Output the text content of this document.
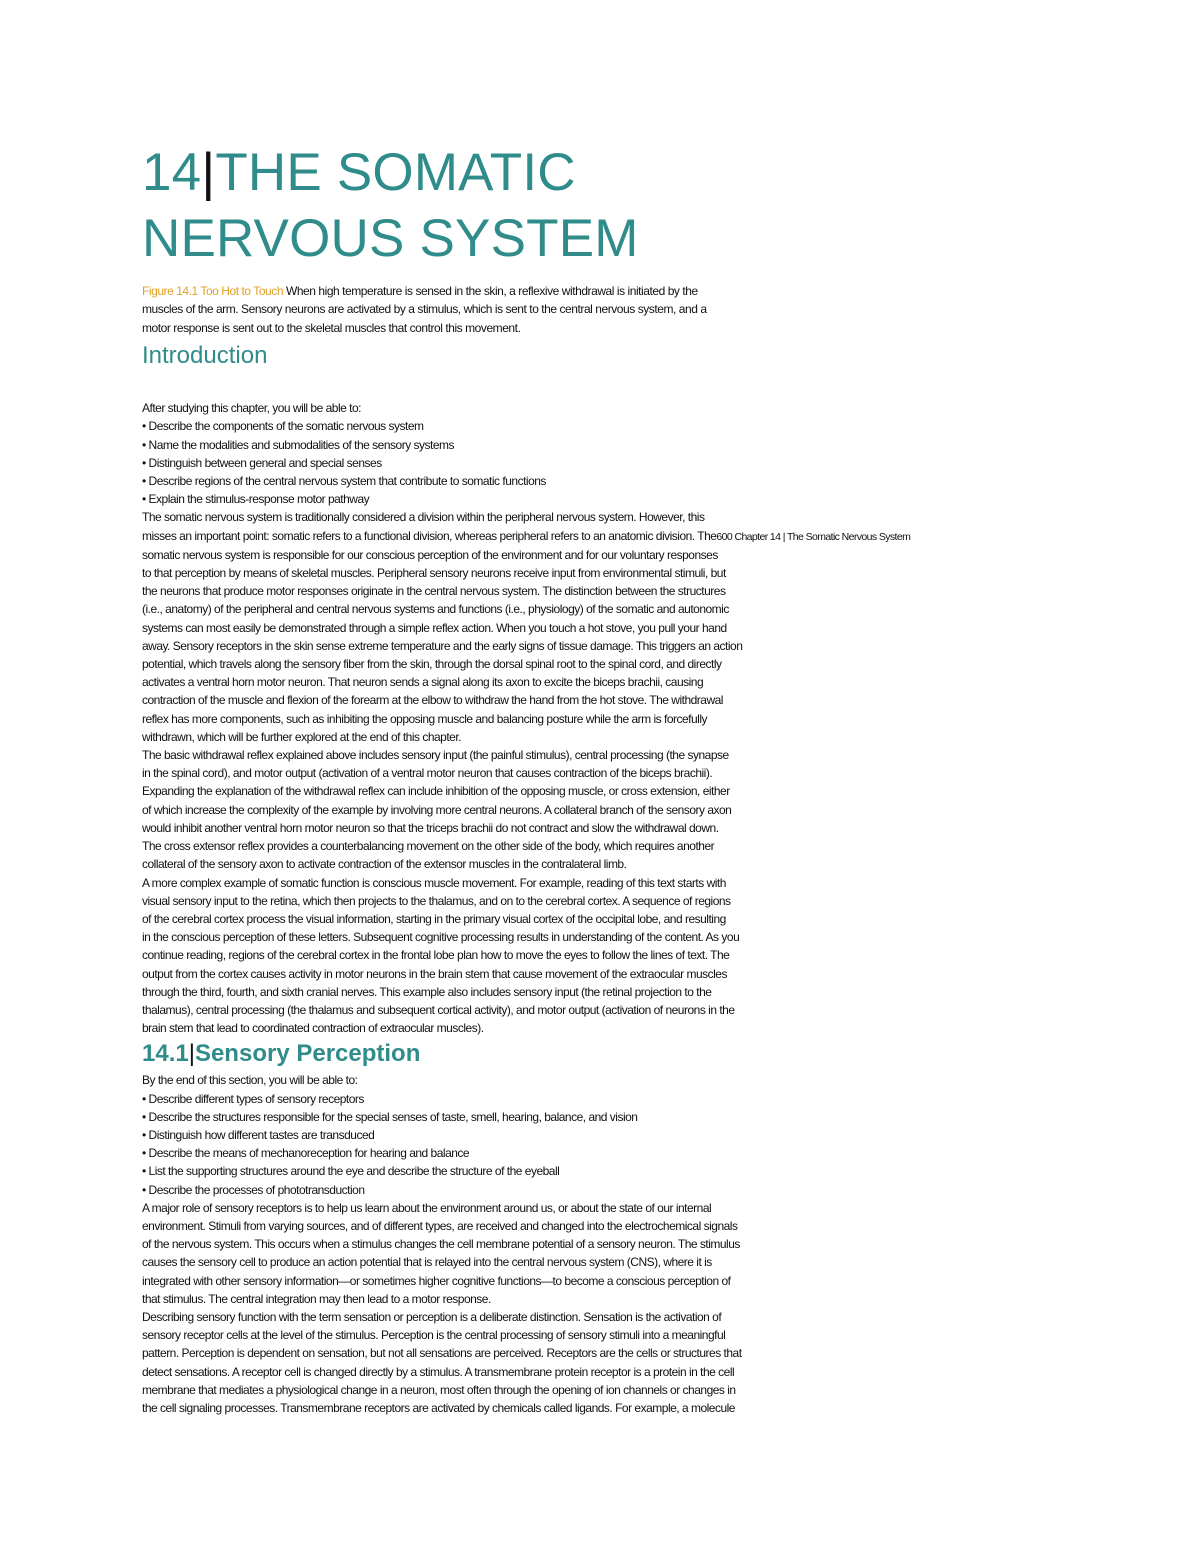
14|THE SOMATIC
NERVOUS SYSTEM
Figure 14.1 Too Hot to Touch When high temperature is sensed in the skin, a reflexive withdrawal is initiated by the
muscles of the arm. Sensory neurons are activated by a stimulus, which is sent to the central nervous system, and a
motor response is sent out to the skeletal muscles that control this movement.
Introduction
After studying this chapter, you will be able to:
• Describe the components of the somatic nervous system
• Name the modalities and submodalities of the sensory systems
• Distinguish between general and special senses
• Describe regions of the central nervous system that contribute to somatic functions
• Explain the stimulus-response motor pathway
The somatic nervous system is traditionally considered a division within the peripheral nervous system. However, this
misses an important point: somatic refers to a functional division, whereas peripheral refers to an anatomic division. The600 Chapter 14 | The Somatic Nervous System
somatic nervous system is responsible for our conscious perception of the environment and for our voluntary responses
to that perception by means of skeletal muscles. Peripheral sensory neurons receive input from environmental stimuli, but
the neurons that produce motor responses originate in the central nervous system. The distinction between the structures
(i.e., anatomy) of the peripheral and central nervous systems and functions (i.e., physiology) of the somatic and autonomic
systems can most easily be demonstrated through a simple reflex action. When you touch a hot stove, you pull your hand
away. Sensory receptors in the skin sense extreme temperature and the early signs of tissue damage. This triggers an action
potential, which travels along the sensory fiber from the skin, through the dorsal spinal root to the spinal cord, and directly
activates a ventral horn motor neuron. That neuron sends a signal along its axon to excite the biceps brachii, causing
contraction of the muscle and flexion of the forearm at the elbow to withdraw the hand from the hot stove. The withdrawal
reflex has more components, such as inhibiting the opposing muscle and balancing posture while the arm is forcefully
withdrawn, which will be further explored at the end of this chapter.
The basic withdrawal reflex explained above includes sensory input (the painful stimulus), central processing (the synapse
in the spinal cord), and motor output (activation of a ventral motor neuron that causes contraction of the biceps brachii).
Expanding the explanation of the withdrawal reflex can include inhibition of the opposing muscle, or cross extension, either
of which increase the complexity of the example by involving more central neurons. A collateral branch of the sensory axon
would inhibit another ventral horn motor neuron so that the triceps brachii do not contract and slow the withdrawal down.
The cross extensor reflex provides a counterbalancing movement on the other side of the body, which requires another
collateral of the sensory axon to activate contraction of the extensor muscles in the contralateral limb.
A more complex example of somatic function is conscious muscle movement. For example, reading of this text starts with
visual sensory input to the retina, which then projects to the thalamus, and on to the cerebral cortex. A sequence of regions
of the cerebral cortex process the visual information, starting in the primary visual cortex of the occipital lobe, and resulting
in the conscious perception of these letters. Subsequent cognitive processing results in understanding of the content. As you
continue reading, regions of the cerebral cortex in the frontal lobe plan how to move the eyes to follow the lines of text. The
output from the cortex causes activity in motor neurons in the brain stem that cause movement of the extraocular muscles
through the third, fourth, and sixth cranial nerves. This example also includes sensory input (the retinal projection to the
thalamus), central processing (the thalamus and subsequent cortical activity), and motor output (activation of neurons in the
brain stem that lead to coordinated contraction of extraocular muscles).
14.1|Sensory Perception
By the end of this section, you will be able to:
• Describe different types of sensory receptors
• Describe the structures responsible for the special senses of taste, smell, hearing, balance, and vision
• Distinguish how different tastes are transduced
• Describe the means of mechanoreception for hearing and balance
• List the supporting structures around the eye and describe the structure of the eyeball
• Describe the processes of phototransduction
A major role of sensory receptors is to help us learn about the environment around us, or about the state of our internal
environment. Stimuli from varying sources, and of different types, are received and changed into the electrochemical signals
of the nervous system. This occurs when a stimulus changes the cell membrane potential of a sensory neuron. The stimulus
causes the sensory cell to produce an action potential that is relayed into the central nervous system (CNS), where it is
integrated with other sensory information—or sometimes higher cognitive functions—to become a conscious perception of
that stimulus. The central integration may then lead to a motor response.
Describing sensory function with the term sensation or perception is a deliberate distinction. Sensation is the activation of
sensory receptor cells at the level of the stimulus. Perception is the central processing of sensory stimuli into a meaningful
pattern. Perception is dependent on sensation, but not all sensations are perceived. Receptors are the cells or structures that
detect sensations. A receptor cell is changed directly by a stimulus. A transmembrane protein receptor is a protein in the cell
membrane that mediates a physiological change in a neuron, most often through the opening of ion channels or changes in
the cell signaling processes. Transmembrane receptors are activated by chemicals called ligands. For example, a molecule
